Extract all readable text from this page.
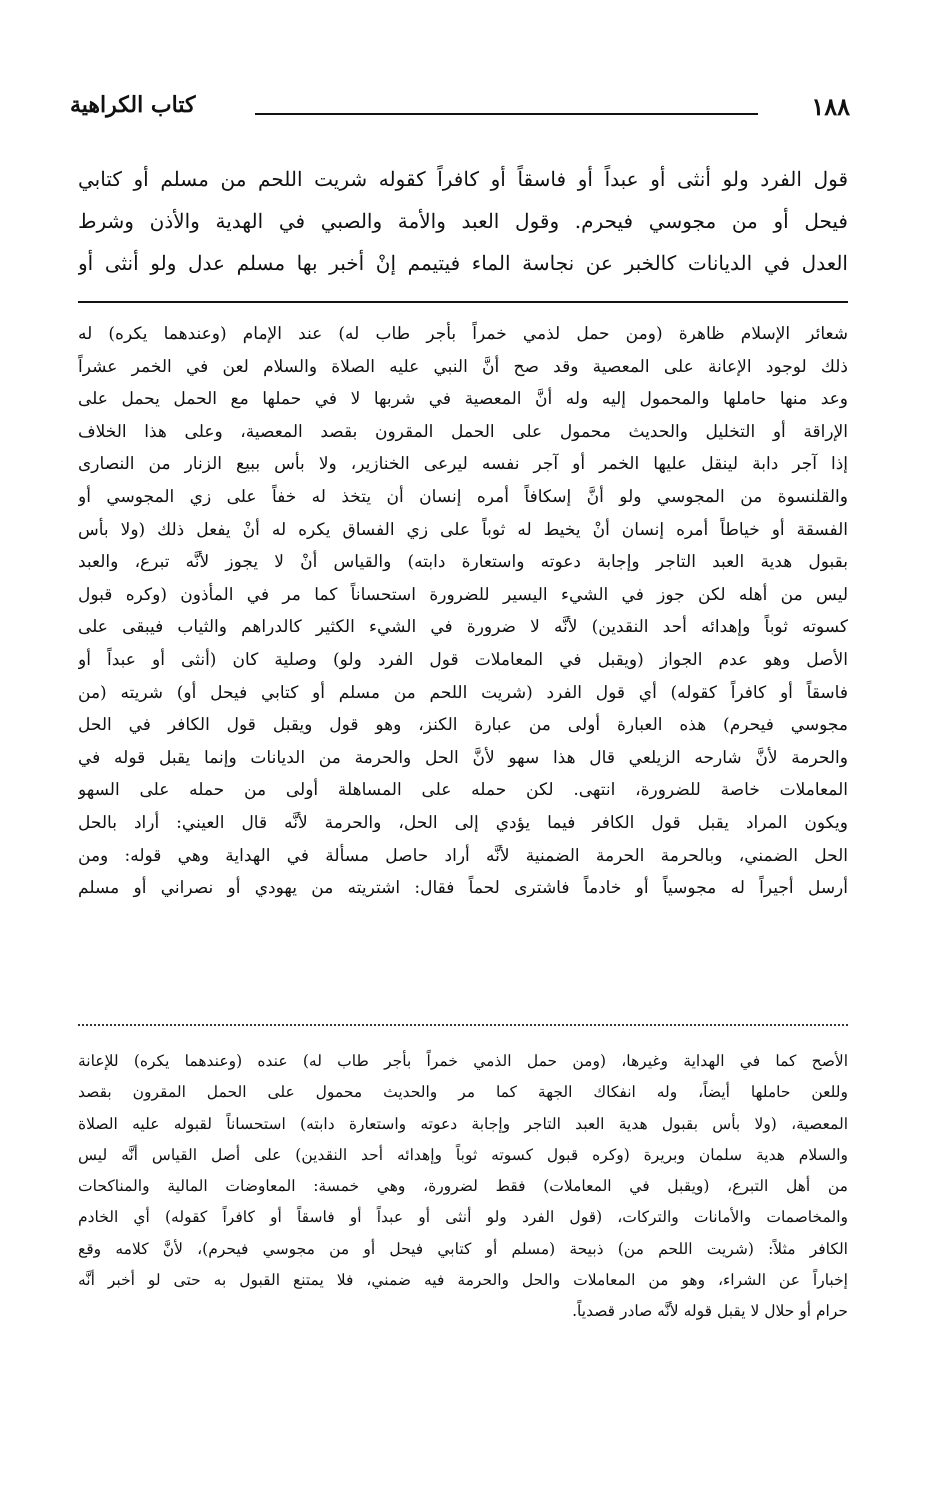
١٨٨
كتاب الكراهية
قول الفرد ولو أنثى أو عبداً أو فاسقاً أو كافراً كقوله شريت اللحم من مسلم أو كتابي
فيحل أو من مجوسي فيحرم. وقول العبد والأمة والصبي في الهدية والأذن وشرط
العدل في الديانات كالخبر عن نجاسة الماء فيتيمم إنْ أخبر بها مسلم عدل ولو أنثى أو
شعائر الإسلام ظاهرة (ومن حمل لذمي خمراً بأجر طاب له) عند الإمام (وعندهما يكره) له
ذلك لوجود الإعانة على المعصية وقد صح أنَّ النبي عليه الصلاة والسلام لعن في الخمر عشراً
وعد منها حاملها والمحمول إليه وله أنَّ المعصية في شربها لا في حملها مع الحمل يحمل على
الإراقة أو التخليل والحديث محمول على الحمل المقرون بقصد المعصية، وعلى هذا الخلاف
إذا آجر دابة لينقل عليها الخمر أو آجر نفسه ليرعى الخنازير، ولا بأس ببيع الزنار من النصارى
والقلنسوة من المجوسي ولو أنَّ إسكافاً أمره إنسان أن يتخذ له خفاً على زي المجوسي أو
الفسقة أو خياطاً أمره إنسان أنْ يخيط له ثوباً على زي الفساق يكره له أنْ يفعل ذلك (ولا بأس
بقبول هدية العبد التاجر وإجابة دعوته واستعارة دابته) والقياس أنْ لا يجوز لأنَّه تبرع، والعبد
ليس من أهله لكن جوز في الشيء اليسير للضرورة استحساناً كما مر في المأذون (وكره قبول
كسوته ثوباً وإهدائه أحد النقدين) لأنَّه لا ضرورة في الشيء الكثير كالدراهم والثياب فيبقى على
الأصل وهو عدم الجواز (ويقبل في المعاملات قول الفرد ولو) وصلية كان (أنثى أو عبداً أو
فاسقاً أو كافراً كقوله) أي قول الفرد (شريت اللحم من مسلم أو كتابي فيحل أو) شريته (من
مجوسي فيحرم) هذه العبارة أولى من عبارة الكنز، وهو قول ويقبل قول الكافر في الحل
والحرمة لأنَّ شارحه الزيلعي قال هذا سهو لأنَّ الحل والحرمة من الديانات وإنما يقبل قوله في
المعاملات خاصة للضرورة، انتهى. لكن حمله على المساهلة أولى من حمله على السهو
ويكون المراد يقبل قول الكافر فيما يؤدي إلى الحل، والحرمة لأنَّه قال العيني: أراد بالحل
الحل الضمني، وبالحرمة الحرمة الضمنية لأنَّه أراد حاصل مسألة في الهداية وهي قوله: ومن
أرسل أجيراً له مجوسياً أو خادماً فاشترى لحماً فقال: اشتريته من يهودي أو نصراني أو مسلم
الأصح كما في الهداية وغيرها، (ومن حمل الذمي خمراً بأجر طاب له) عنده (وعندهما يكره) للإعانة
وللعن حاملها أيضاً، وله انفكاك الجهة كما مر والحديث محمول على الحمل المقرون بقصد
المعصية، (ولا بأس بقبول هدية العبد التاجر وإجابة دعوته واستعارة دابته) استحساناً لقبوله عليه الصلاة
والسلام هدية سلمان وبريرة (وكره قبول كسوته ثوباً وإهدائه أحد النقدين) على أصل القياس أنَّه ليس
من أهل التبرع، (ويقبل في المعاملات) فقط لضرورة، وهي خمسة: المعاوضات المالية والمناكحات
والمخاصمات والأمانات والتركات، (قول الفرد ولو أنثى أو عبداً أو فاسقاً أو كافراً كقوله) أي الخادم
الكافر مثلاً: (شريت اللحم من) ذبيحة (مسلم أو كتابي فيحل أو من مجوسي فيحرم)، لأنَّ كلامه وقع
إخباراً عن الشراء، وهو من المعاملات والحل والحرمة فيه ضمني، فلا يمتنع القبول به حتى لو أخبر أنَّه
حرام أو حلال لا يقبل قوله لأنَّه صادر قصدياً.
